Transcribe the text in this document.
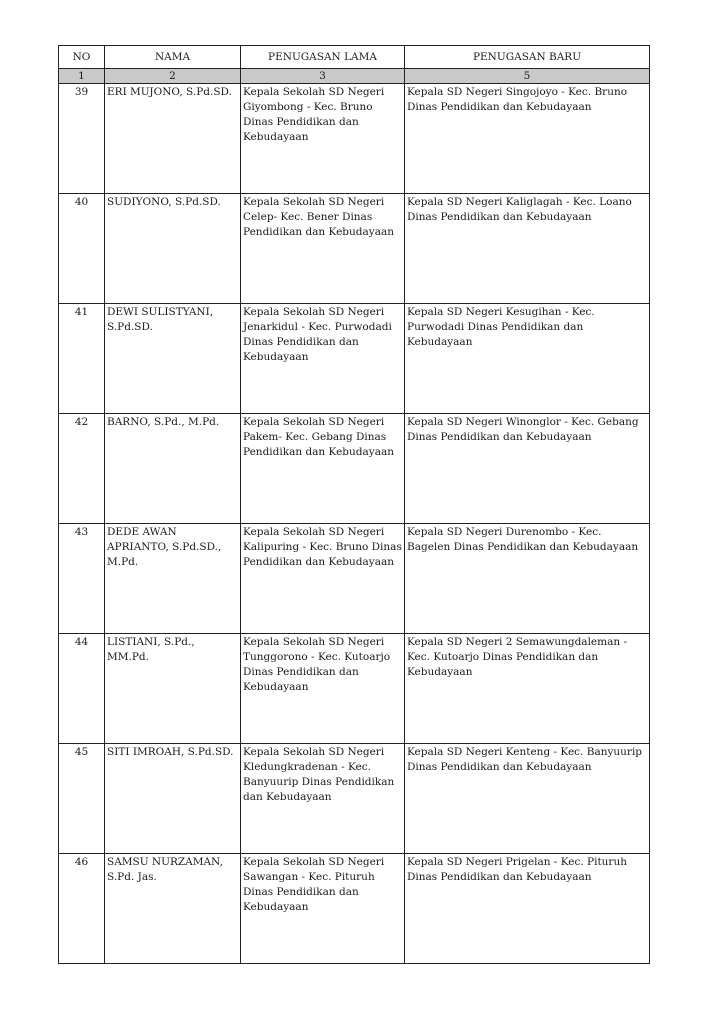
NO	NAMA	PENUGASAN LAMA	PENUGASAN BARU
1	2	3	5
39	ERI MUJONO, S.Pd.SD.	Kepala Sekolah SD Negeri Giyombong - Kec. Bruno Dinas Pendidikan dan Kebudayaan	Kepala SD Negeri Singojoyo - Kec. Bruno Dinas Pendidikan dan Kebudayaan
40	SUDIYONO, S.Pd.SD.	Kepala Sekolah SD Negeri Celep- Kec. Bener Dinas Pendidikan dan Kebudayaan	Kepala SD Negeri Kaliglagah - Kec. Loano Dinas Pendidikan dan Kebudayaan
41	DEWI SULISTYANI, S.Pd.SD.	Kepala Sekolah SD Negeri Jenarkidul - Kec. Purwodadi Dinas Pendidikan dan Kebudayaan	Kepala SD Negeri Kesugihan - Kec. Purwodadi Dinas Pendidikan dan Kebudayaan
42	BARNO, S.Pd., M.Pd.	Kepala Sekolah SD Negeri Pakem- Kec. Gebang Dinas Pendidikan dan Kebudayaan	Kepala SD Negeri Winonglor - Kec. Gebang Dinas Pendidikan dan Kebudayaan
43	DEDE AWAN APRIANTO, S.Pd.SD., M.Pd.	Kepala Sekolah SD Negeri Kalipuring - Kec. Bruno Dinas Pendidikan dan Kebudayaan	Kepala SD Negeri Durenombo - Kec. Bagelen Dinas Pendidikan dan Kebudayaan
44	LISTIANI, S.Pd., MM.Pd.	Kepala Sekolah SD Negeri Tunggorono - Kec. Kutoarjo Dinas Pendidikan dan Kebudayaan	Kepala SD Negeri 2 Semawungdaleman - Kec. Kutoarjo Dinas Pendidikan dan Kebudayaan
45	SITI IMROAH, S.Pd.SD.	Kepala Sekolah SD Negeri Kledungkradenan - Kec. Banyuurip Dinas Pendidikan dan Kebudayaan	Kepala SD Negeri Kenteng - Kec. Banyuurip Dinas Pendidikan dan Kebudayaan
46	SAMSU NURZAMAN, S.Pd. Jas.	Kepala Sekolah SD Negeri Sawangan - Kec. Pituruh Dinas Pendidikan dan Kebudayaan	Kepala SD Negeri Prigelan - Kec. Pituruh Dinas Pendidikan dan Kebudayaan
